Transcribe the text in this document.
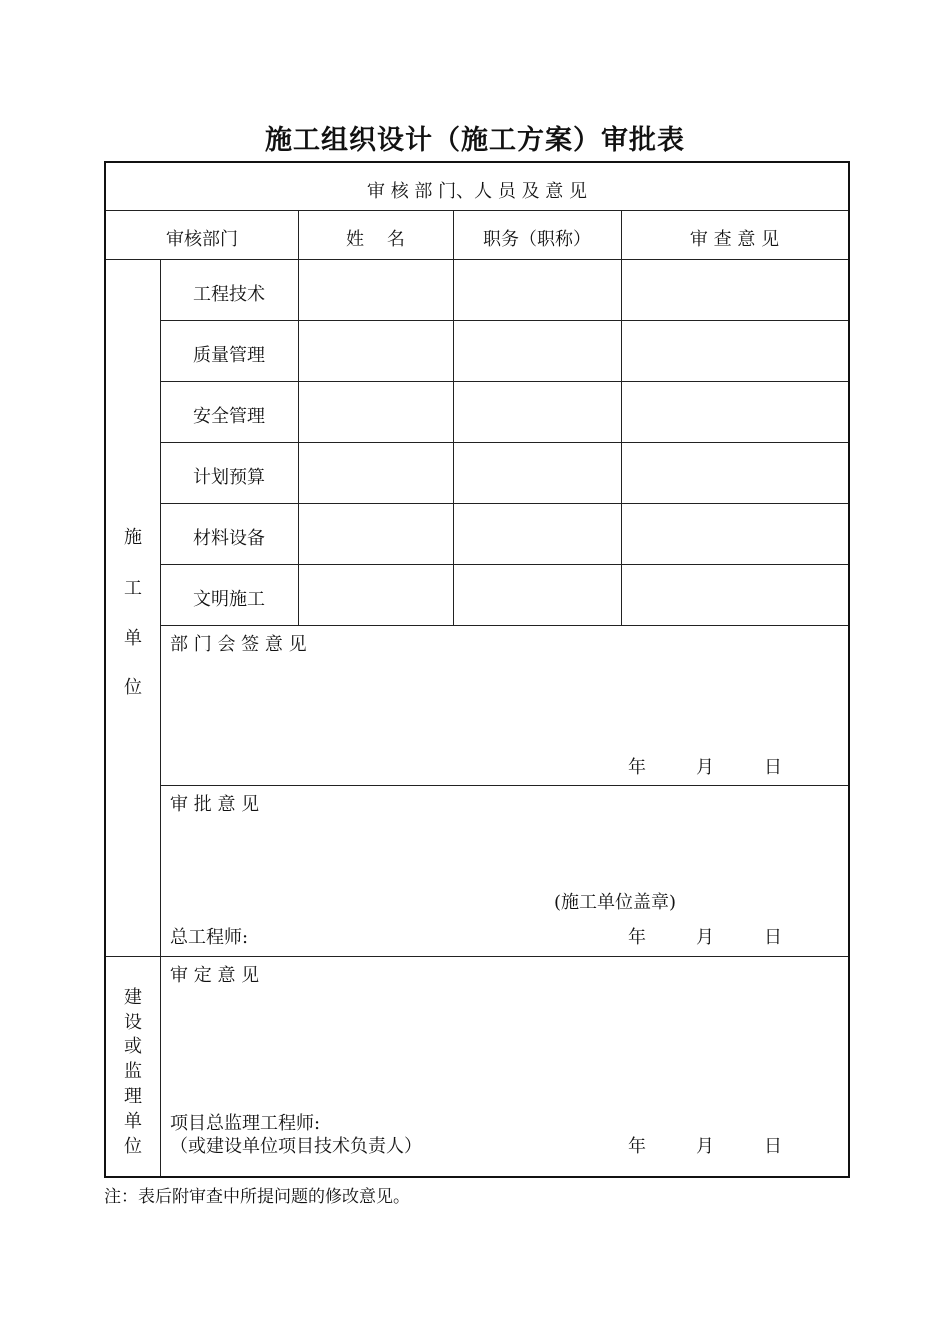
施工组织设计（施工方案）审批表
审 核 部 门、人 员 及 意 见
审核部门	姓    名	职务（职称）	审 查 意 见
工程技术
质量管理
安全管理
计划预算
材料设备
文明施工
施
工
单
位
部 门 会 签 意 见
年	月	日
审 批 意 见
(施工单位盖章)
总工程师:	年	月	日
建
设
或
监
理
单
位
审 定 意 见
项目总监理工程师:
（或建设单位项目技术负责人）	年	月	日
注：表后附审查中所提问题的修改意见。
